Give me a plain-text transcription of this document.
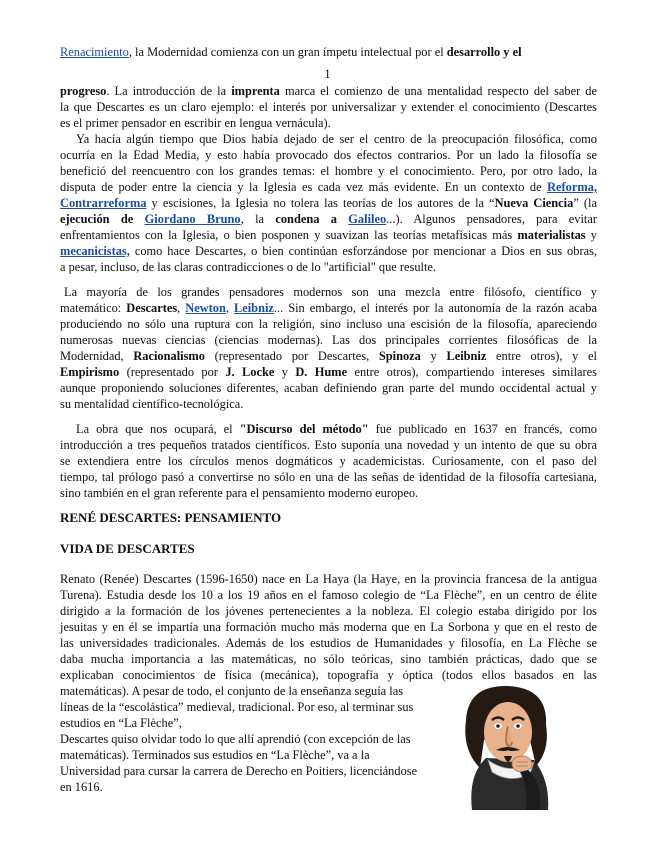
Renacimiento, la Modernidad comienza con un gran ímpetu intelectual por el desarrollo y el
1
progreso. La introducción de la imprenta marca el comienzo de una mentalidad respecto del saber de
la que Descartes es un claro ejemplo: el interés por universalizar y extender el conocimiento (Descartes
es el primer pensador en escribir en lengua vernácula).
Ya hacía algún tiempo que Dios había dejado de ser el centro de la preocupación filosófica, como
ocurría en la Edad Media, y esto había provocado dos efectos contrarios. Por un lado la filosofía se
benefició del reencuentro con los grandes temas: el hombre y el conocimiento. Pero, por otro lado, la
disputa de poder entre la ciencia y la Iglesia es cada vez más evidente. En un contexto de Reforma,
Contrarreforma y escisiones, la Iglesia no tolera las teorías de los autores de la “Nueva Ciencia” (la
ejecución de Giordano Bruno, la condena a Galileo...). Algunos pensadores, para evitar
enfrentamientos con la Iglesia, o bien posponen y suavizan las teorías metafísicas más materialistas y
mecanicistas, como hace Descartes, o bien continúan esforzándose por mencionar a Dios en sus obras,
a pesar, incluso, de las claras contradicciones o de lo "artificial" que resulte.
La mayoría de los grandes pensadores modernos son una mezcla entre filósofo, científico y
matemático: Descartes, Newton, Leibniz... Sin embargo, el interés por la autonomía de la razón acaba
produciendo no sólo una ruptura con la religión, sino incluso una escisión de la filosofía, apareciendo
numerosas nuevas ciencias (ciencias modernas). Las dos principales corrientes filosóficas de la
Modernidad, Racionalismo (representado por Descartes, Spinoza y Leibniz entre otros), y el
Empirismo (representado por J. Locke y D. Hume entre otros), compartiendo intereses similares
aunque proponiendo soluciones diferentes, acaban definiendo gran parte del mundo occidental actual y
su mentalidad científico-tecnológica.
La obra que nos ocupará, el "Discurso del método" fue publicado en 1637 en francés, como
introducción a tres pequeños tratados científicos. Esto suponía una novedad y un intento de que su obra
se extendiera entre los círculos menos dogmáticos y academicistas. Curiosamente, con el paso del
tiempo, tal prólogo pasó a convertirse no sólo en una de las señas de identidad de la filosofía cartesiana,
sino también en el gran referente para el pensamiento moderno europeo.
RENÉ DESCARTES: PENSAMIENTO
VIDA DE DESCARTES
Renato (Renée) Descartes (1596-1650) nace en La Haya (la Haye, en la provincia francesa de la antigua
Turena). Estudia desde los 10 a los 19 años en el famoso colegio de “La Flèche”, en un centro de élite
dirigido a la formación de los jóvenes pertenecientes a la nobleza. El colegio estaba dirigido por los
jesuitas y en él se impartía una formación mucho más moderna que en La Sorbona y que en el resto de
las universidades tradicionales. Además de los estudios de Humanidades y filosofía, en La Flèche se
daba mucha importancia a las matemáticas, no sólo teóricas, sino también prácticas, dado que se
explicaban conocimientos de física (mecánica), topografía y óptica (todos ellos basados en las
matemáticas). A pesar de todo, el conjunto de la enseñanza seguía las
líneas de la “escolástica” medieval, tradicional. Por eso, al terminar sus
estudios en “La Flèche”,
Descartes quiso olvidar todo lo que allí aprendió (con excepción de las
matemáticas). Terminados sus estudios en “La Flèche”, va a la
Universidad para cursar la carrera de Derecho en Poitiers, licenciándose
en 1616.
